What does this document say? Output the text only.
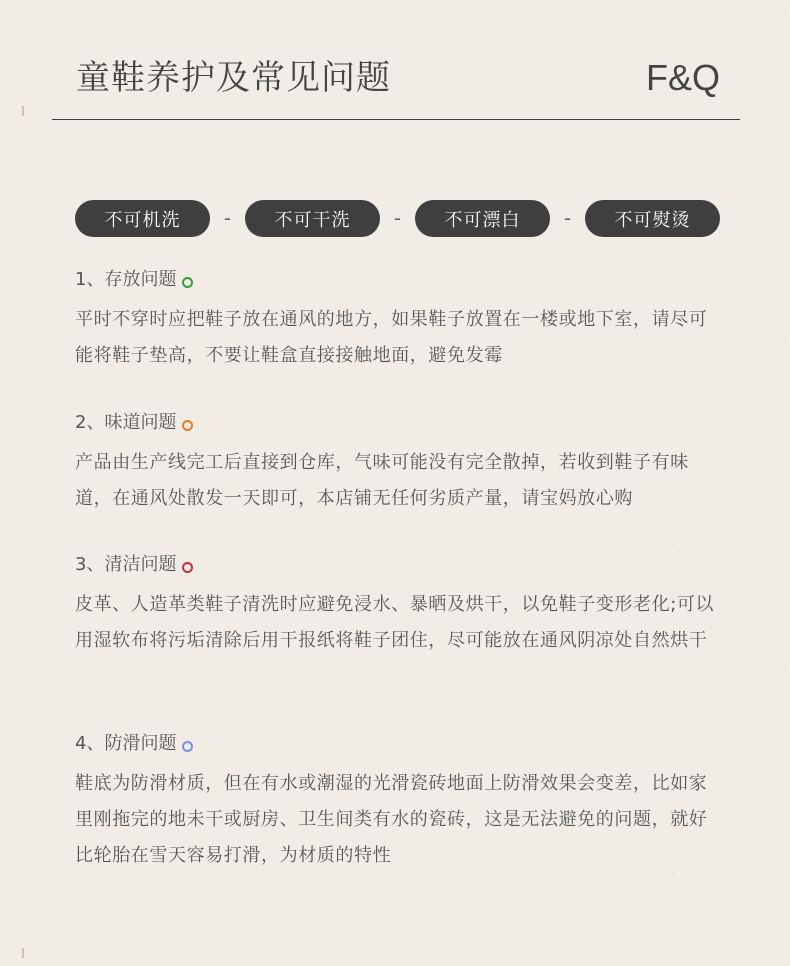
童鞋养护及常见问题	F&Q
不可机洗	-	不可干洗	-	不可漂白	-	不可熨烫
1、存放问题
平时不穿时应把鞋子放在通风的地方，如果鞋子放置在一楼或地下室，请尽可能将鞋子垫高，不要让鞋盒直接接触地面，避免发霉
2、味道问题
产品由生产线完工后直接到仓库，气味可能没有完全散掉，若收到鞋子有味道，在通风处散发一天即可，本店铺无任何劣质产量，请宝妈放心购
3、清洁问题
皮革、人造革类鞋子清洗时应避免浸水、暴晒及烘干，以免鞋子变形老化;可以用湿软布将污垢清除后用干报纸将鞋子团住，尽可能放在通风阴凉处自然烘干
4、防滑问题
鞋底为防滑材质，但在有水或潮湿的光滑瓷砖地面上防滑效果会变差，比如家里刚拖完的地未干或厨房、卫生间类有水的瓷砖，这是无法避免的问题，就好比轮胎在雪天容易打滑，为材质的特性
